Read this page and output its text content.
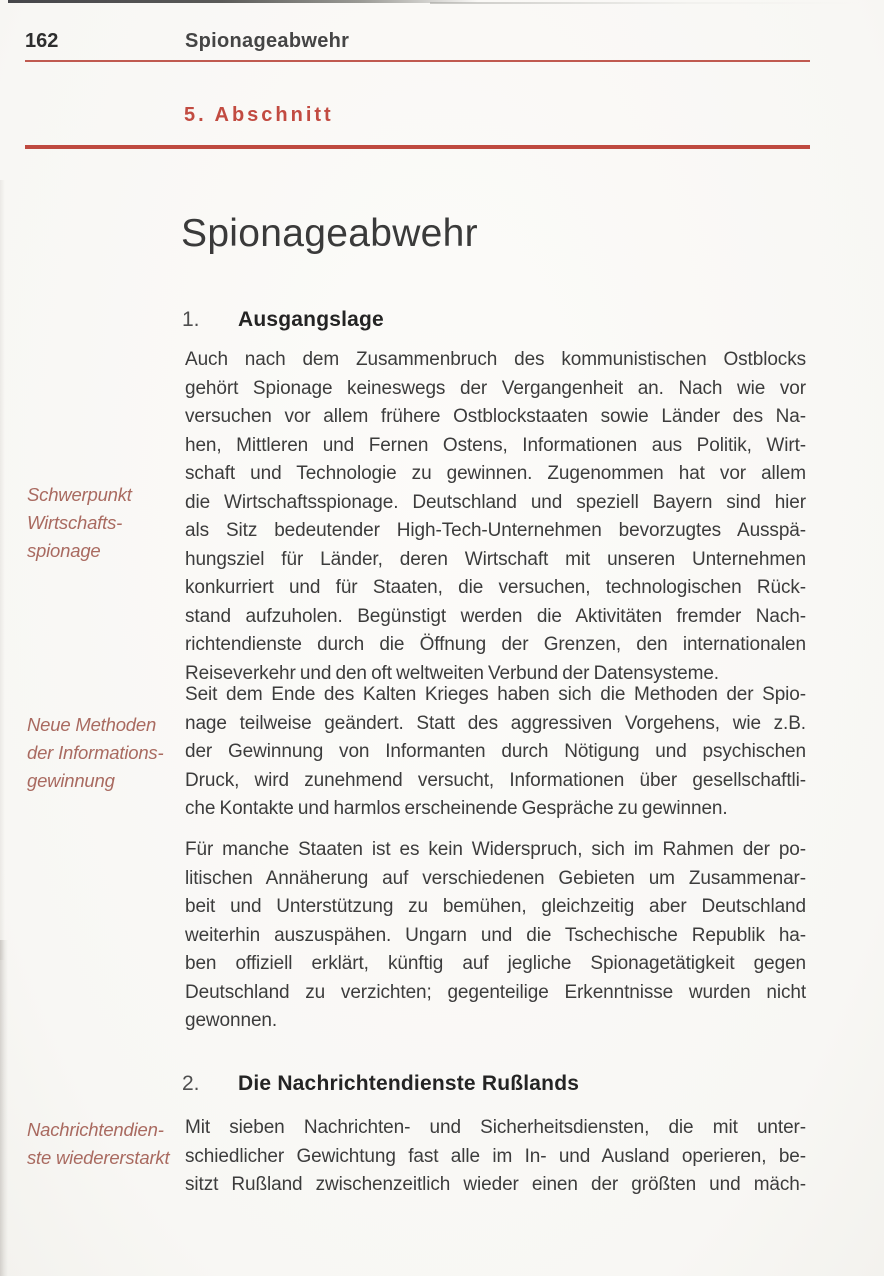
162	Spionageabwehr
5. Abschnitt
Spionageabwehr
1. Ausgangslage
Auch nach dem Zusammenbruch des kommunistischen Ostblocks
gehört Spionage keineswegs der Vergangenheit an. Nach wie vor
versuchen vor allem frühere Ostblockstaaten sowie Länder des Na-
hen, Mittleren und Fernen Ostens, Informationen aus Politik, Wirt-
schaft und Technologie zu gewinnen. Zugenommen hat vor allem
die Wirtschaftsspionage. Deutschland und speziell Bayern sind hier
als Sitz bedeutender High-Tech-Unternehmen bevorzugtes Ausspä-
hungsziel für Länder, deren Wirtschaft mit unseren Unternehmen
konkurriert und für Staaten, die versuchen, technologischen Rück-
stand aufzuholen. Begünstigt werden die Aktivitäten fremder Nach-
richtendienste durch die Öffnung der Grenzen, den internationalen
Reiseverkehr und den oft weltweiten Verbund der Datensysteme.
Seit dem Ende des Kalten Krieges haben sich die Methoden der Spio-
nage teilweise geändert. Statt des aggressiven Vorgehens, wie z.B.
der Gewinnung von Informanten durch Nötigung und psychischen
Druck, wird zunehmend versucht, Informationen über gesellschaftli-
che Kontakte und harmlos erscheinende Gespräche zu gewinnen.
Für manche Staaten ist es kein Widerspruch, sich im Rahmen der po-
litischen Annäherung auf verschiedenen Gebieten um Zusammenar-
beit und Unterstützung zu bemühen, gleichzeitig aber Deutschland
weiterhin auszuspähen. Ungarn und die Tschechische Republik ha-
ben offiziell erklärt, künftig auf jegliche Spionagetätigkeit gegen
Deutschland zu verzichten; gegenteilige Erkenntnisse wurden nicht
gewonnen.
2. Die Nachrichtendienste Rußlands
Mit sieben Nachrichten- und Sicherheitsdiensten, die mit unter-
schiedlicher Gewichtung fast alle im In- und Ausland operieren, be-
sitzt Rußland zwischenzeitlich wieder einen der größten und mäch-
Schwerpunkt
Wirtschafts-
spionage
Neue Methoden
der Informations-
gewinnung
Nachrichtendien-
ste wiedererstarkt
